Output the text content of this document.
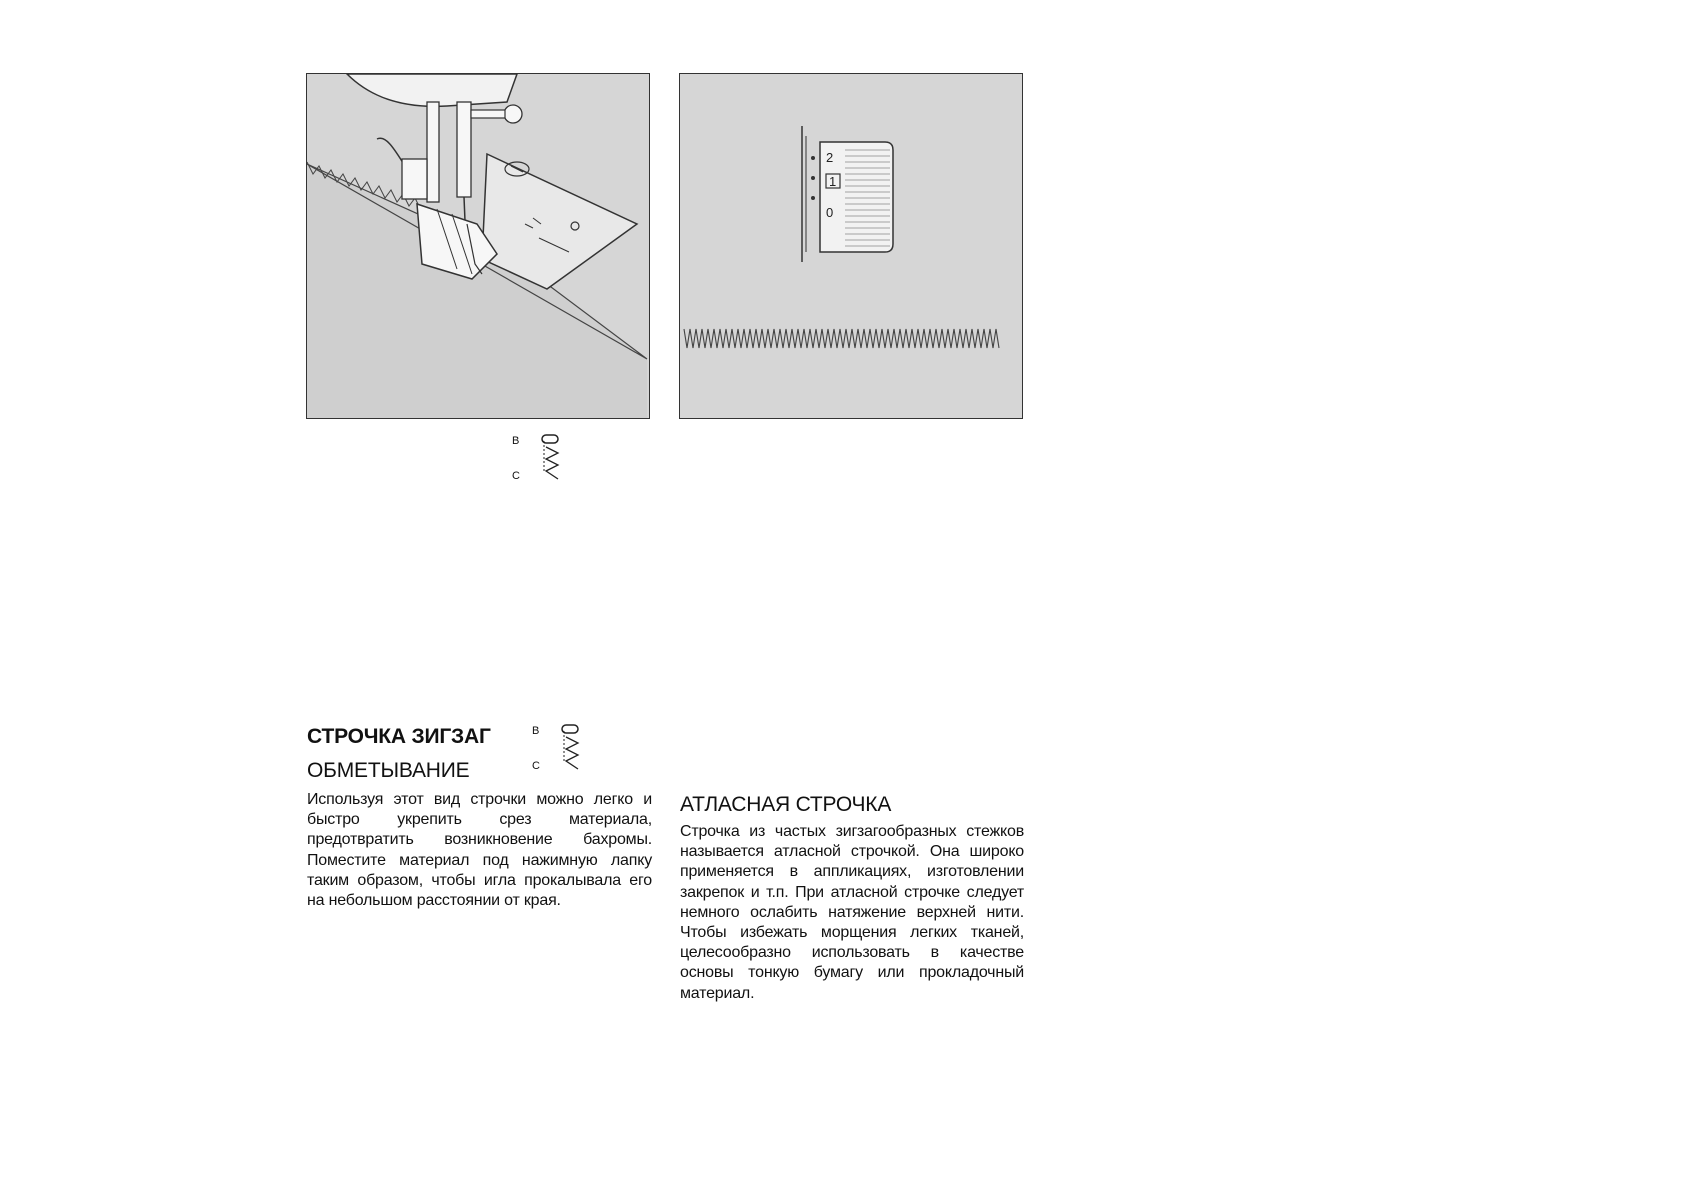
2
1
0
B
C
СТРОЧКА ЗИГЗАГ	B
C
ОБМЕТЫВАНИЕ
Используя этот вид строчки можно легко и быстро укрепить срез материала, предотвратить возникновение бахромы. Поместите материал под нажимную лапку таким образом, чтобы игла прокалывала его на небольшом расстоянии от края.
АТЛАСНАЯ СТРОЧКА
Строчка из частых зигзагообразных стежков называется атласной строчкой. Она широко применяется в аппликациях, изготовлении закрепок и т.п. При атласной строчке следует немного ослабить натяжение верхней нити. Чтобы избежать морщения легких тканей, целесообразно использовать в качестве основы тонкую бумагу или прокладочный материал.
